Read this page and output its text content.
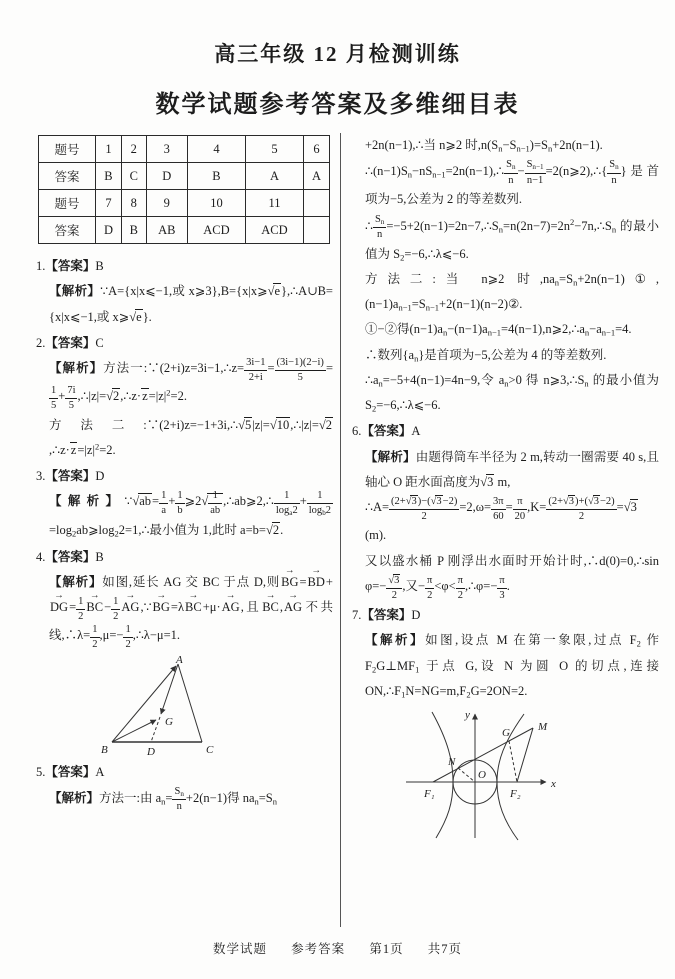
高三年级 12 月检测训练
数学试题参考答案及多维细目表
题号	1	2	3	4	5	6
答案	B	C	D	B	A	A
题号	7	8	9	10	11	
答案	D	B	AB	ACD	ACD	
1.【答案】B
【解析】∵A={x|x⩽−1,或 x⩾3},B={x|x⩾√e},∴A∪B={x|x⩽−1,或 x⩾√e}.
2.【答案】C
【解析】方法一:∵(2+i)z=3i−1,∴z= $\frac{3i-1}{2+i} = \frac{(3i-1)(2-i)}{5}$ =
$\frac{1}{5} + \frac{7i}{5}$ $,\therefore|z|=√2,\therefore z\cdot z=|z|^2=2$.
方法二$:\because(2+i)z=-1+3i,\therefore√5|z|=√10,\therefore|z|=√2,\therefore z\cdot z=|z|^2=2$.
3.【答案】D
【解析】∵√ab= $\frac{1}{a} + \frac{1}{b}$ ⩾2√ $\frac{1}{ab}$ ,∴ab⩾2,∴ $\frac{1}{\log_a2} + \frac{1}{\log_b2}$
$=\log_2ab⩾\log_22=1,\therefore$最小值为 1,此时 a=b=√2.
4.【答案】B
【解析】如图,延长 AG 交 BC 于点 D,则BG $\to=BD \to+DG \to= \frac{1}{2}$ BC →− $\frac{1}{2}$ AG →,∵BG →=λBC →+μ·AG →,且BC →,AG →不共线,∴λ= $\frac{1}{2} ,\mu=- \frac{1}{2}$ ,∴λ−μ=1.
A
B	C
D
G
5.【答案】A
【解析】方法一:由 $a_n= \frac{S_n}{n} +2(n-1)$得 $na_n=S_n$
+2n(n−1),∴当 n⩾2 时$,n(S_n-S_{n-1})=S_n+2n(n-1)$.
$\therefore(n-1)S_n-nS_{n-1}=2n(n-1),\therefore \frac{S_n}{n} - \frac{S_{n-1}}{n-1}$ =2(n⩾2),∴{ $\frac{S_n}{n}$ }是首项为−5,公差为 2 的等差数列.
∴ $\frac{S_n}{n}$ $=-5+2(n-1)=2n-7,\therefore S_n=n(2n-7)=2n^2-7n,\therefore S_n$ 的最小值为 $S_2=-6,\therefore\lambda⩽-6$.
方法二:当 n⩾2 时$,na_n=S_n+2n(n-1)①,(n-1)a_{n-1}=S_{n-1}+2(n-1)(n-2)②$.
①−②得$(n-1)a_n-(n-1)a_{n-1}=4(n-1),n⩾2,\therefore a_n-a_{n-1}=4$.
∴数列$\{a_n\}$是首项为−5,公差为 4 的等差数列.
$\therefore a_n=-5+4(n-1)=4n-9$,令 $a_n>0$ 得 $n⩾3,\therefore S_n$ 的最小值为 $S_2=-6,\therefore\lambda⩽-6$.
6.【答案】A
【解析】由题得筒车半径为 2 m,转动一圈需要 40 s,且轴心 O 距水面高度为√3 m,
∴A= $\frac{(2+√3)-(√3-2)}{2} =2,\omega= \frac{3\pi}{60} = \frac{\pi}{20} ,K= \frac{(2+√3)+(√3-2)}{2} =√3(m)$.
又以盛水桶 P 刚浮出水面时开始计时,∴d(0)=0,∴sin $\varphi=- \frac{√3}{2}$ ,又− $\frac{\pi}{2} <\varphi< \frac{\pi}{2}$ ,∴φ=− $\frac{\pi}{3}$ .
7.【答案】D
【解析】如图,设点 M 在第一象限,过点 $F_2$ 作 $F_2G\perp MF_1$ 于点 G,设 N 为圆 O 的切点,连接 $ON,\therefore F_1N=NG=m,F_2G=2ON=2$.
y
x
O
N
G	M
F₁	F₂
数学试题 参考答案 第1页 共7页
